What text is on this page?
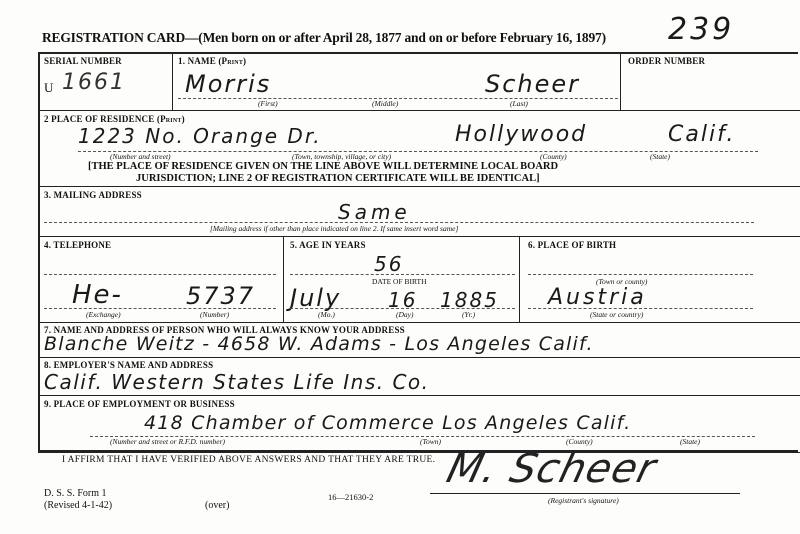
REGISTRATION CARD—(Men born on or after April 28, 1877 and on or before February 16, 1897) 239
SERIAL NUMBER
U 1661
1. NAME (Print)
Morris	Scheer
(First)	(Middle)	(Last)
ORDER NUMBER
2 PLACE OF RESIDENCE (Print)
1223 No. Orange Dr.	Hollywood	Calif.
(Number and street)	(Town, township, village, or city)	(County)	(State)
[THE PLACE OF RESIDENCE GIVEN ON THE LINE ABOVE WILL DETERMINE LOCAL BOARD
JURISDICTION; LINE 2 OF REGISTRATION CERTIFICATE WILL BE IDENTICAL]
3. MAILING ADDRESS
Same
[Mailing address if other than place indicated on line 2. If same insert word same]
4. TELEPHONE
He-	5737
(Exchange)	(Number)
5. AGE IN YEARS
56
DATE OF BIRTH
July 16 1885
(Mo.)	(Day)	(Yr.)
6. PLACE OF BIRTH
(Town or county)
Austria
(State or country)
7. NAME AND ADDRESS OF PERSON WHO WILL ALWAYS KNOW YOUR ADDRESS
Blanche Weitz - 4658 W. Adams - Los Angeles Calif.
8. EMPLOYER'S NAME AND ADDRESS
Calif. Western States Life Ins. Co.
9. PLACE OF EMPLOYMENT OR BUSINESS
418 Chamber of Commerce Los Angeles Calif.
(Number and street or R.F.D. number)	(Town)	(County)	(State)
I AFFIRM THAT I HAVE VERIFIED ABOVE ANSWERS AND THAT THEY ARE TRUE. M. Scheer
(Registrant's signature)
D. S. S. Form 1
(Revised 4-1-42)	(over)
16—21630-2
